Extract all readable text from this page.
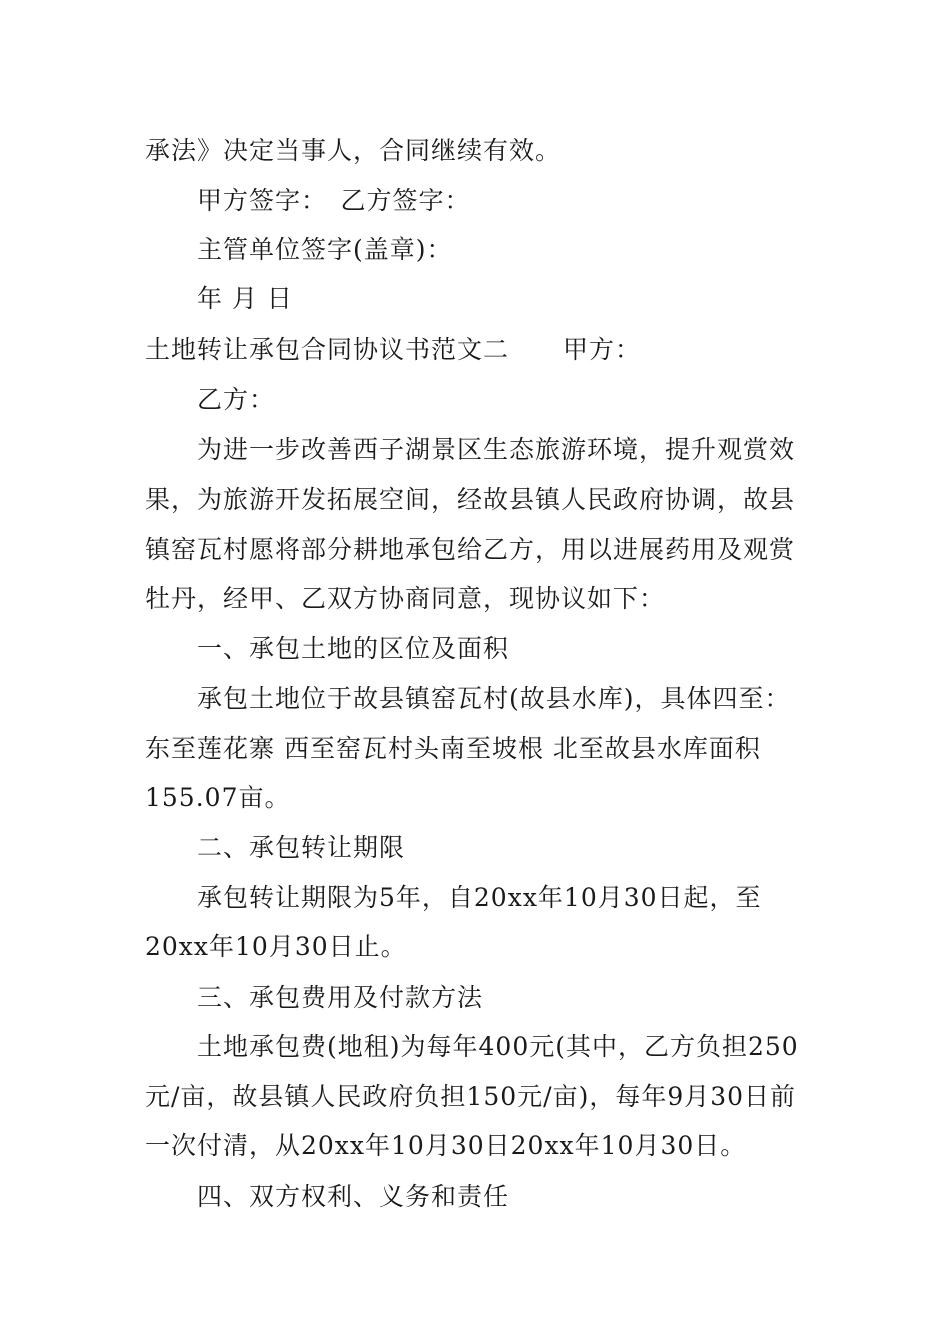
承法》决定当事人，合同继续有效。
甲方签字：　乙方签字：
主管单位签字(盖章)：
年 月 日
土地转让承包合同协议书范文二 甲方：
乙方：
为进一步改善西子湖景区生态旅游环境，提升观赏效
果，为旅游开发拓展空间，经故县镇人民政府协调，故县
镇窑瓦村愿将部分耕地承包给乙方，用以进展药用及观赏
牡丹，经甲、乙双方协商同意，现协议如下：
一、承包土地的区位及面积
承包土地位于故县镇窑瓦村(故县水库)，具体四至：
东至莲花寨 西至窑瓦村头南至坡根 北至故县水库面积
155.07亩。
二、承包转让期限
承包转让期限为5年，自20xx年10月30日起，至
20xx年10月30日止。
三、承包费用及付款方法
土地承包费(地租)为每年400元(其中，乙方负担250
元/亩，故县镇人民政府负担150元/亩)，每年9月30日前
一次付清，从20xx年10月30日20xx年10月30日。
四、双方权利、义务和责任
